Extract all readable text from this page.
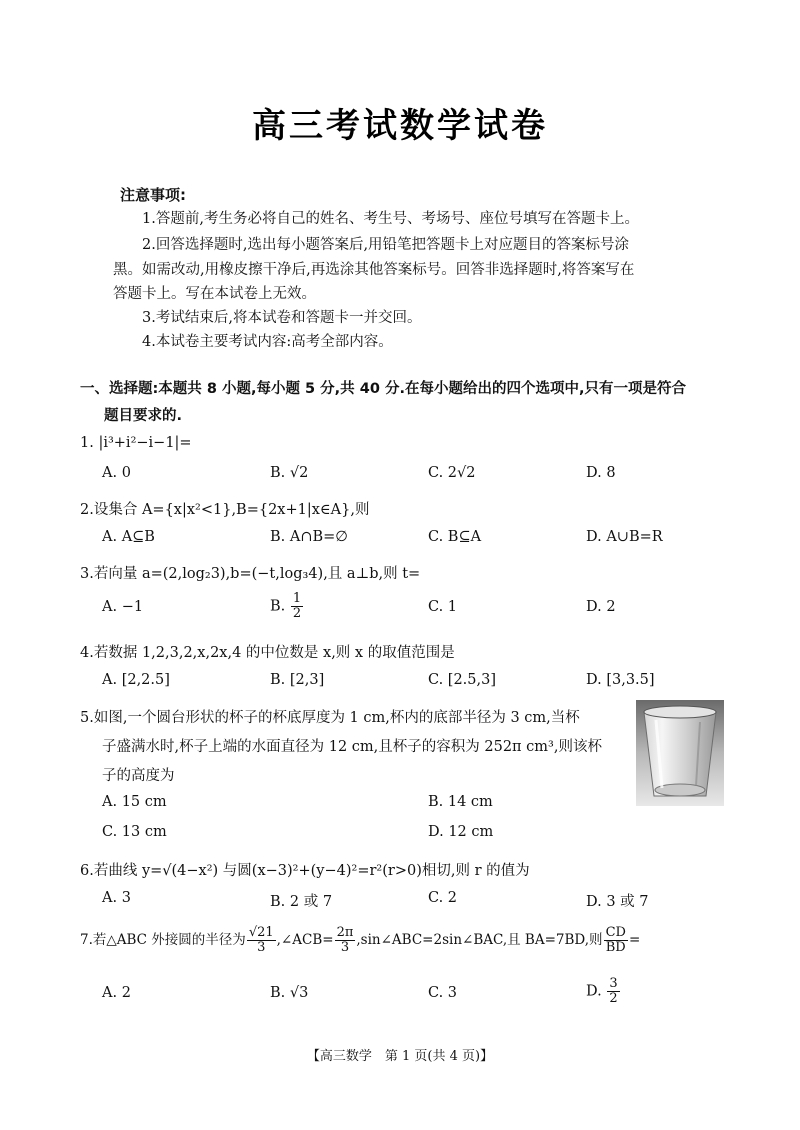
高三考试数学试卷
注意事项:
1.答题前,考生务必将自己的姓名、考生号、考场号、座位号填写在答题卡上。
2.回答选择题时,选出每小题答案后,用铅笔把答题卡上对应题目的答案标号涂
黑。如需改动,用橡皮擦干净后,再选涂其他答案标号。回答非选择题时,将答案写在
答题卡上。写在本试卷上无效。
3.考试结束后,将本试卷和答题卡一并交回。
4.本试卷主要考试内容:高考全部内容。
一、选择题:本题共 8 小题,每小题 5 分,共 40 分.在每小题给出的四个选项中,只有一项是符合
题目要求的.
1. |i³+i²−i−1|=
A. 0	B. √2	C. 2√2	D. 8
2.设集合 A={x|x²<1},B={2x+1|x∈A},则
A. A⊆B	B. A∩B=∅	C. B⊆A	D. A∪B=R
3.若向量 a=(2,log₂3),b=(−t,log₃4),且 a⊥b,则 t=
A. −1	B. $\frac{1}{2}$	C. 1	D. 2
4.若数据 1,2,3,2,x,2x,4 的中位数是 x,则 x 的取值范围是
A. [2,2.5]	B. [2,3]	C. [2.5,3]	D. [3,3.5]
5.如图,一个圆台形状的杯子的杯底厚度为 1 cm,杯内的底部半径为 3 cm,当杯
子盛满水时,杯子上端的水面直径为 12 cm,且杯子的容积为 252π cm³,则该杯
子的高度为
A. 15 cm	B. 14 cm
C. 13 cm	D. 12 cm
6.若曲线 y=√(4−x²) 与圆(x−3)²+(y−4)²=r²(r>0)相切,则 r 的值为
A. 3	B. 2 或 7	C. 2	D. 3 或 7
7.若△ABC 外接圆的半径为 $\frac{√21}{3}$ ,∠ACB= $\frac{2\pi}{3}$ ,sin∠ABC=2sin∠BAC,且 BA=7BD,则 $\frac{CD}{BD}$ =
A. 2	B. √3	C. 3	D. $\frac{3}{2}$
【高三数学　第 1 页(共 4 页)】
